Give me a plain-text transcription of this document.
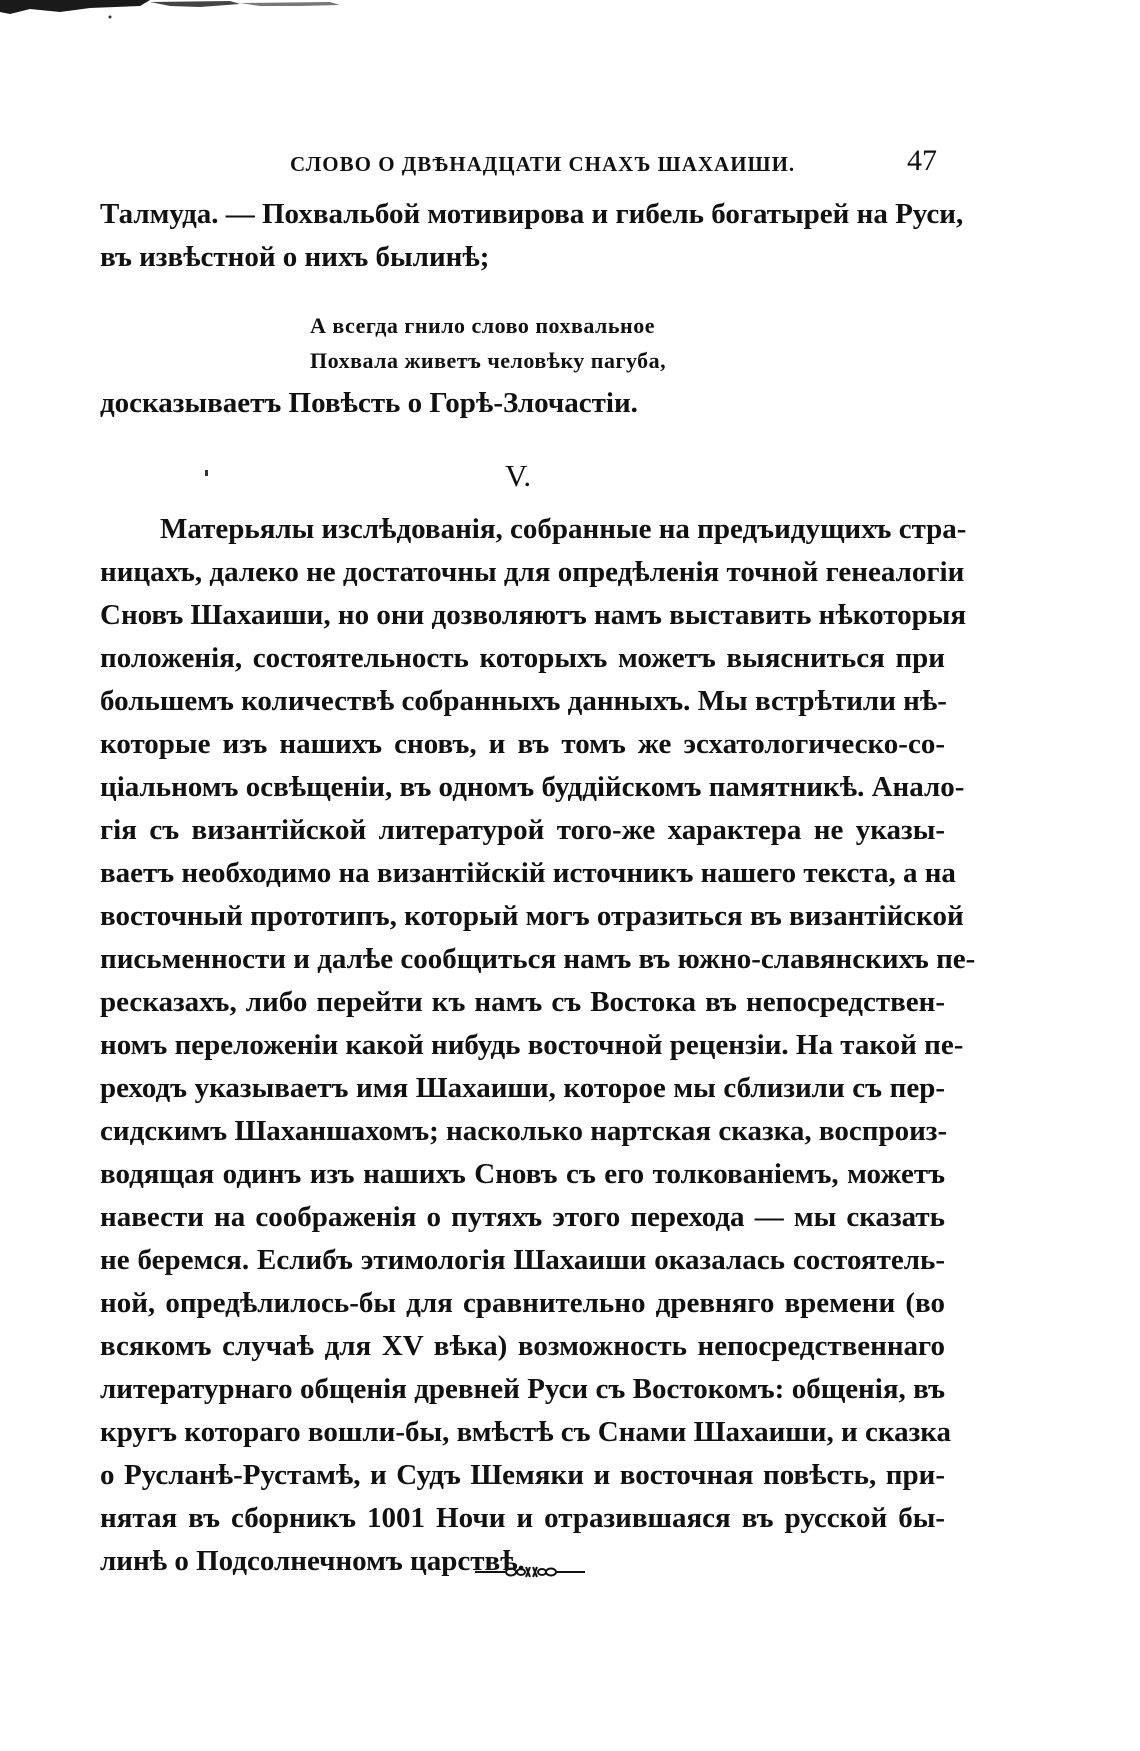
СЛОВО О ДВѢНАДЦАТИ СНАХЪ ШАХАИШИ.	47
Талмуда. — Похвальбой мотивирова и гибель богатырей на Руси,
въ извѣстной о нихъ былинѣ;
А всегда гнило слово похвальное
Похвала живетъ человѣку пагуба,
досказываетъ Повѣсть о Горѣ-Злочастіи.
V.
Матерьялы изслѣдованія, собранные на предъидущихъ стра-
ницахъ, далеко не достаточны для опредѣленія точной генеалогіи
Сновъ Шахаиши, но они дозволяютъ намъ выставить нѣкоторыя
положенія, состоятельность которыхъ можетъ выясниться при
большемъ количествѣ собранныхъ данныхъ. Мы встрѣтили нѣ-
которые изъ нашихъ сновъ, и въ томъ же эсхатологическо-со-
ціальномъ освѣщеніи, въ одномъ буддійскомъ памятникѣ. Анало-
гія съ византійской литературой того-же характера не указы-
ваетъ необходимо на византійскій источникъ нашего текста, а на
восточный прототипъ, который могъ отразиться въ византійской
письменности и далѣе сообщиться намъ въ южно-славянскихъ пе-
ресказахъ, либо перейти къ намъ съ Востока въ непосредствен-
номъ переложеніи какой нибудь восточной рецензіи. На такой пе-
реходъ указываетъ имя Шахаиши, которое мы сблизили съ пер-
сидскимъ Шаханшахомъ; насколько нартская сказка, воспроиз-
водящая одинъ изъ нашихъ Сновъ съ его толкованіемъ, можетъ
навести на соображенія о путяхъ этого перехода — мы сказать
не беремся. Еслибъ этимологія Шахаиши оказалась состоятель-
ной, опредѣлилось-бы для сравнительно древняго времени (во
всякомъ случаѣ для XV вѣка) возможность непосредственнаго
литературнаго общенія древней Руси съ Востокомъ: общенія, въ
кругъ котораго вошли-бы, вмѣстѣ съ Снами Шахаиши, и сказка
о Русланѣ-Рустамѣ, и Судъ Шемяки и восточная повѣсть, при-
нятая въ сборникъ 1001 Ночи и отразившаяся въ русской бы-
линѣ о Подсолнечномъ царствѣ.
